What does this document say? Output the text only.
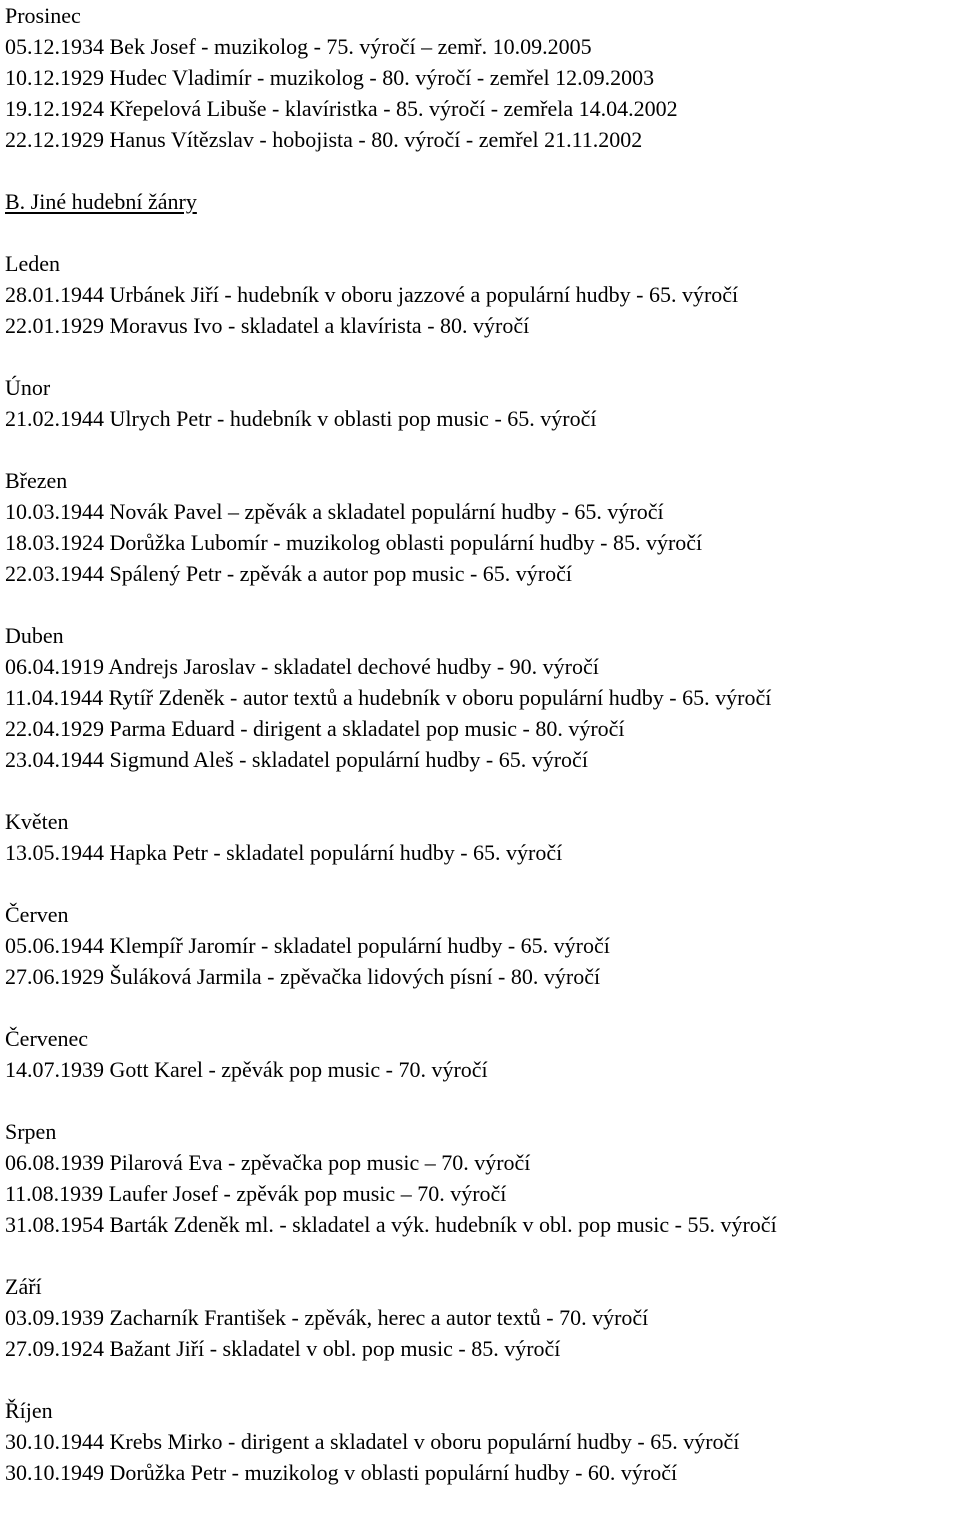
Prosinec
05.12.1934 Bek Josef - muzikolog - 75. výročí – zemř. 10.09.2005
10.12.1929 Hudec Vladimír - muzikolog - 80. výročí - zemřel 12.09.2003
19.12.1924 Křepelová Libuše - klavíristka - 85. výročí - zemřela 14.04.2002
22.12.1929 Hanus Vítězslav - hobojista - 80. výročí - zemřel 21.11.2002
B. Jiné hudební žánry
Leden
28.01.1944 Urbánek Jiří - hudebník v oboru jazzové a populární hudby - 65. výročí
22.01.1929 Moravus Ivo - skladatel a klavírista - 80. výročí
Únor
21.02.1944 Ulrych Petr - hudebník v oblasti pop music - 65. výročí
Březen
10.03.1944 Novák Pavel – zpěvák a skladatel populární hudby - 65. výročí
18.03.1924 Dorůžka Lubomír - muzikolog oblasti populární hudby - 85. výročí
22.03.1944 Spálený Petr - zpěvák a autor pop music - 65. výročí
Duben
06.04.1919 Andrejs Jaroslav - skladatel dechové hudby - 90. výročí
11.04.1944 Rytíř Zdeněk - autor textů a hudebník v oboru populární hudby - 65. výročí
22.04.1929 Parma Eduard - dirigent a skladatel pop music - 80. výročí
23.04.1944 Sigmund Aleš - skladatel populární hudby - 65. výročí
Květen
13.05.1944 Hapka Petr - skladatel populární hudby - 65. výročí
Červen
05.06.1944 Klempíř Jaromír - skladatel populární hudby - 65. výročí
27.06.1929 Šuláková Jarmila - zpěvačka lidových písní - 80. výročí
Červenec
14.07.1939 Gott Karel - zpěvák pop music - 70. výročí
Srpen
06.08.1939 Pilarová Eva - zpěvačka pop music – 70. výročí
11.08.1939 Laufer Josef - zpěvák pop music – 70. výročí
31.08.1954 Barták Zdeněk ml. - skladatel a výk. hudebník v obl. pop music - 55. výročí
Září
03.09.1939 Zacharník František - zpěvák, herec a autor textů - 70. výročí
27.09.1924 Bažant Jiří - skladatel v obl. pop music - 85. výročí
Říjen
30.10.1944 Krebs Mirko - dirigent a skladatel v oboru populární hudby - 65. výročí
30.10.1949 Dorůžka Petr - muzikolog v oblasti populární hudby - 60. výročí
